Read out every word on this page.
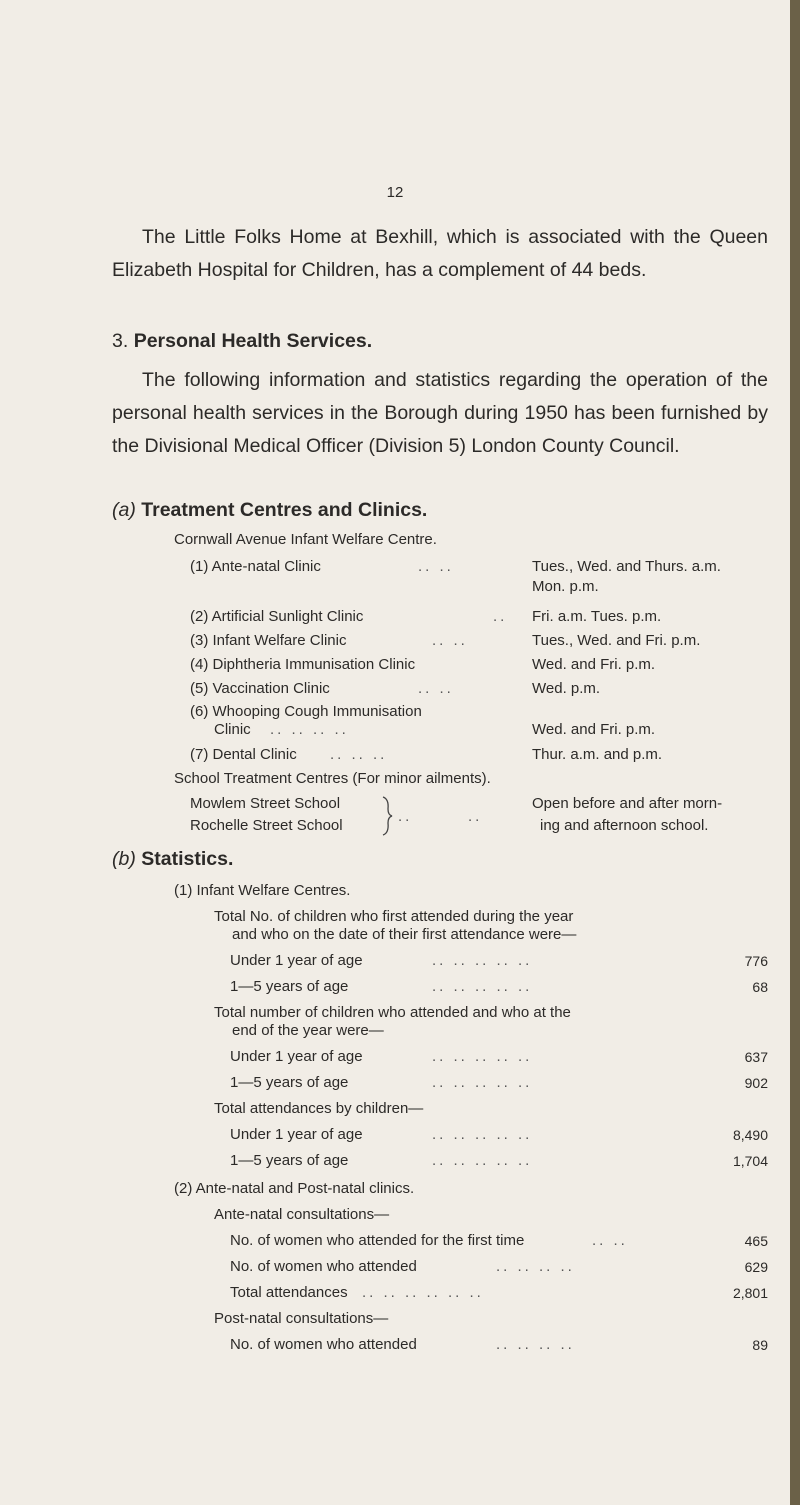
12

The Little Folks Home at Bexhill, which is associated with the Queen Elizabeth Hospital for Children, has a complement of 44 beds.

3. Personal Health Services.

The following information and statistics regarding the operation of the personal health services in the Borough during 1950 has been furnished by the Divisional Medical Officer (Division 5) London County Council.

(a) Treatment Centres and Clinics.

Cornwall Avenue Infant Welfare Centre.

(1) Ante-natal Clinic	.. ..	Tues., Wed. and Thurs. a.m.

Mon. p.m.

(2) Artificial Sunlight Clinic	.. Fri. a.m. Tues. p.m.

(3) Infant Welfare Clinic	.. ..	Tues., Wed. and Fri. p.m.

(4) Diphtheria Immunisation Clinic	Wed. and Fri. p.m.

(5) Vaccination Clinic	.. ..	Wed. p.m.

(6) Whooping Cough Immunisation

Clinic .. .. .. ..	Wed. and Fri. p.m.

(7) Dental Clinic .. .. ..	Thur. a.m. and p.m.

School Treatment Centres (For minor ailments).

Mowlem Street School

Rochelle Street School

..	..

Open before and after morn-

ing and afternoon school.

(b) Statistics.

(1) Infant Welfare Centres.

Total No. of children who first attended during the year

and who on the date of their first attendance were—

Under 1 year of age	.. .. .. .. ..	776

1—5 years of age	.. .. .. .. ..	68

Total number of children who attended and who at the

end of the year were—

Under 1 year of age	.. .. .. .. ..	637

1—5 years of age	.. .. .. .. ..	902

Total attendances by children—

Under 1 year of age	.. .. .. .. ..	8,490

1—5 years of age	.. .. .. .. ..	1,704

(2) Ante-natal and Post-natal clinics.

Ante-natal consultations—

No. of women who attended for the first time	.. ..	465

No. of women who attended	.. .. .. ..	629

Total attendances .. .. .. .. .. ..	2,801

Post-natal consultations—

No. of women who attended	.. .. .. ..	89
